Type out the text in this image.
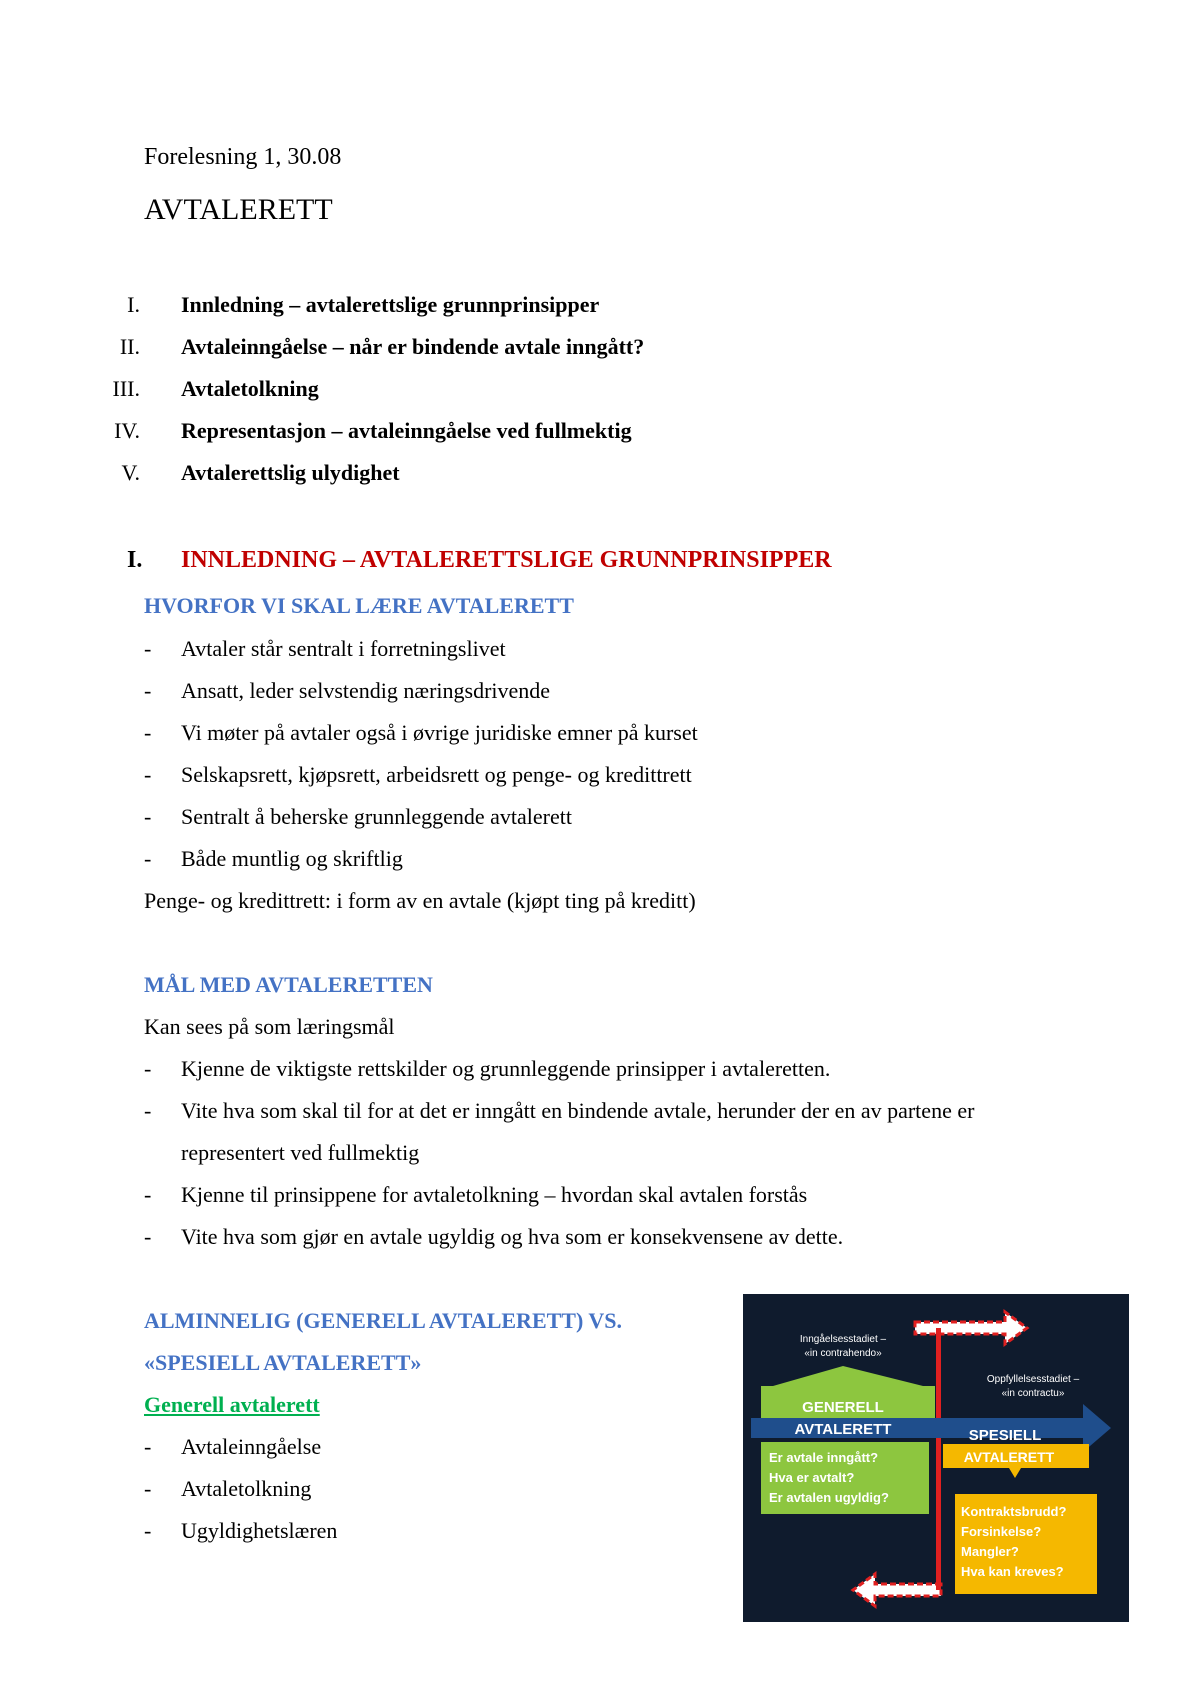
Forelesning 1, 30.08
AVTALERETT
I. Innledning – avtalerettslige grunnprinsipper
II. Avtaleinngåelse – når er bindende avtale inngått?
III. Avtaletolkning
IV. Representasjon – avtaleinngåelse ved fullmektig
V. Avtalerettslig ulydighet
I. INNLEDNING – AVTALERETTSLIGE GRUNNPRINSIPPER
HVORFOR VI SKAL LÆRE AVTALERETT
- Avtaler står sentralt i forretningslivet
- Ansatt, leder selvstendig næringsdrivende
- Vi møter på avtaler også i øvrige juridiske emner på kurset
- Selskapsrett, kjøpsrett, arbeidsrett og penge- og kredittrett
- Sentralt å beherske grunnleggende avtalerett
- Både muntlig og skriftlig
Penge- og kredittrett: i form av en avtale (kjøpt ting på kreditt)
MÅL MED AVTALERETTEN
Kan sees på som læringsmål
- Kjenne de viktigste rettskilder og grunnleggende prinsipper i avtaleretten.
- Vite hva som skal til for at det er inngått en bindende avtale, herunder der en av partene er
representert ved fullmektig
- Kjenne til prinsippene for avtaletolkning – hvordan skal avtalen forstås
- Vite hva som gjør en avtale ugyldig og hva som er konsekvensene av dette.
ALMINNELIG (GENERELL AVTALERETT) VS.
«SPESIELL AVTALERETT»
Generell avtalerett
- Avtaleinngåelse
- Avtaletolkning
- Ugyldighetslæren
Inngåelsesstadiet –
«in contrahendo»
Oppfyllelsesstadiet –
«in contractu»
GENERELL
AVTALERETT	SPESIELL
AVTALERETT
Er avtale inngått?
Hva er avtalt?
Er avtalen ugyldig?
Kontraktsbrudd?
Forsinkelse?
Mangler?
Hva kan kreves?
